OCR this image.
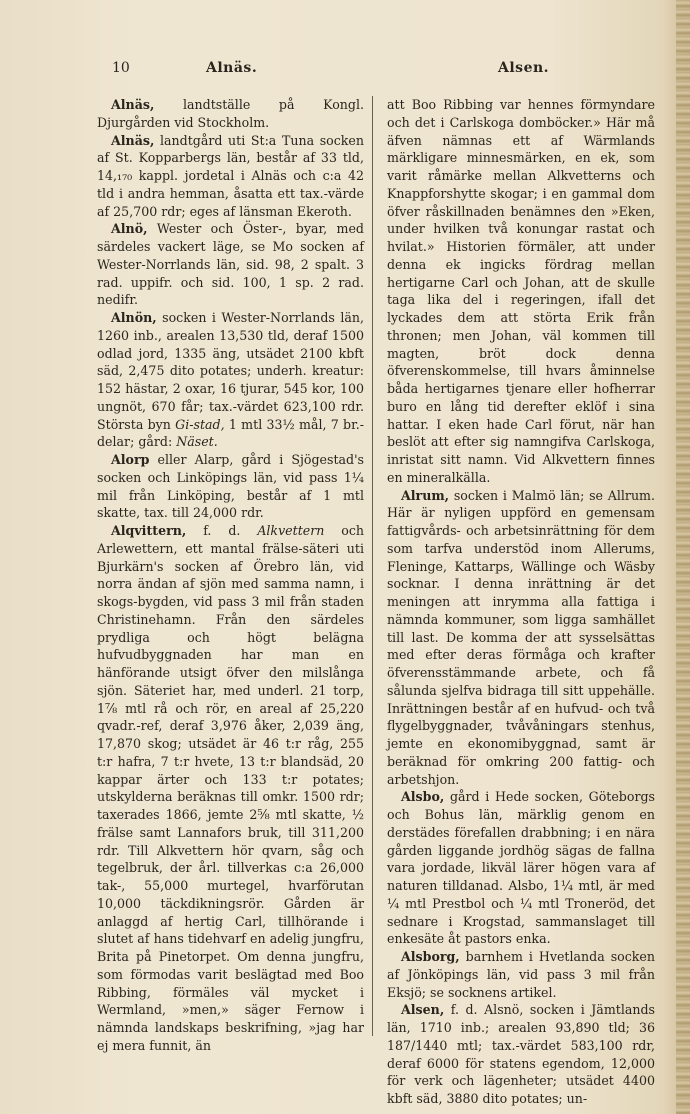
10	Alnäs.	Alsen.

Alnäs, landtställe på Kongl. Djurgården vid Stockholm.

Alnäs, landtgård uti St:a Tuna socken af St. Kopparbergs län, består af 33 tld, 14,₁₇₀ kappl. jordetal i Alnäs och c:a 42 tld i andra hemman, åsatta ett tax.-värde af 25,700 rdr; eges af länsman Ekeroth.

Alnö, Wester och Öster-, byar, med särdeles vackert läge, se Mo socken af Wester-Norrlands län, sid. 98, 2 spalt. 3 rad. uppifr. och sid. 100, 1 sp. 2 rad. nedifr.

Alnön, socken i Wester-Norrlands län, 1260 inb., arealen 13,530 tld, deraf 1500 odlad jord, 1335 äng, utsädet 2100 kbft säd, 2,475 dito potates; underh. kreatur: 152 hästar, 2 oxar, 16 tjurar, 545 kor, 100 ungnöt, 670 får; tax.-värdet 623,100 rdr. Största byn Gi-stad, 1 mtl 33½ mål, 7 br.-delar; gård: Näset.

Alorp eller Alarp, gård i Sjögestad's socken och Linköpings län, vid pass 1¼ mil från Linköping, består af 1 mtl skatte, tax. till 24,000 rdr.

Alqvittern, f. d. Alkvettern och Arlewettern, ett mantal frälse-säteri uti Bjurkärn's socken af Örebro län, vid norra ändan af sjön med samma namn, i skogs-bygden, vid pass 3 mil från staden Christinehamn. Från den särdeles prydliga och högt belägna hufvudbyggnaden har man en hänförande utsigt öfver den milslånga sjön. Säteriet har, med underl. 21 torp, 1⅞ mtl rå och rör, en areal af 25,220 qvadr.-ref, deraf 3,976 åker, 2,039 äng, 17,870 skog; utsädet är 46 t:r råg, 255 t:r hafra, 7 t:r hvete, 13 t:r blandsäd, 20 kappar ärter och 133 t:r potates; utskylderna beräknas till omkr. 1500 rdr; taxerades 1866, jemte 2⅝ mtl skatte, ½ frälse samt Lannafors bruk, till 311,200 rdr. Till Alkvettern hör qvarn, såg och tegelbruk, der årl. tillverkas c:a 26,000 tak-, 55,000 murtegel, hvarförutan 10,000 täckdikningsrör. Gården är anlaggd af hertig Carl, tillhörande i slutet af hans tidehvarf en adelig jungfru, Brita på Pinetorpet. Om denna jungfru, som förmodas varit beslägtad med Boo Ribbing, förmäles väl mycket i Wermland, »men,» säger Fernow i nämnda landskaps beskrifning, »jag har ej mera funnit, än

att Boo Ribbing var hennes förmyndare och det i Carlskoga domböcker.» Här må äfven nämnas ett af Wärmlands märkligare minnesmärken, en ek, som varit råmärke mellan Alkvetterns och Knappforshytte skogar; i en gammal dom öfver råskillnaden benämnes den »Eken, under hvilken två konungar rastat och hvilat.» Historien förmäler, att under denna ek ingicks fördrag mellan hertigarne Carl och Johan, att de skulle taga lika del i regeringen, ifall det lyckades dem att störta Erik från thronen; men Johan, väl kommen till magten, bröt dock denna öfverenskommelse, till hvars åminnelse båda hertigarnes tjenare eller hofherrar buro en lång tid derefter eklöf i sina hattar. I eken hade Carl förut, när han beslöt att efter sig namngifva Carlskoga, inristat sitt namn. Vid Alkvettern finnes en mineralkälla.

Alrum, socken i Malmö län; se Allrum. Här är nyligen uppförd en gemensam fattigvårds- och arbetsinrättning för dem som tarfva understöd inom Allerums, Fleninge, Kattarps, Wällinge och Wäsby socknar. I denna inrättning är det meningen att inrymma alla fattiga i nämnda kommuner, som ligga samhället till last. De komma der att sysselsättas med efter deras förmåga och krafter öfverensstämmande arbete, och få sålunda sjelfva bidraga till sitt uppehälle. Inrättningen består af en hufvud- och två flygelbyggnader, tvåvåningars stenhus, jemte en ekonomibyggnad, samt är beräknad för omkring 200 fattig- och arbetshjon.

Alsbo, gård i Hede socken, Göteborgs och Bohus län, märklig genom en derstädes förefallen drabbning; i en nära gården liggande jordhög sägas de fallna vara jordade, likväl lärer högen vara af naturen tilldanad. Alsbo, 1¼ mtl, är med ¼ mtl Prestbol och ¼ mtl Troneröd, det sednare i Krogstad, sammanslaget till enkesäte åt pastors enka.

Alsborg, barnhem i Hvetlanda socken af Jönköpings län, vid pass 3 mil från Eksjö; se socknens artikel.

Alsen, f. d. Alsnö, socken i Jämtlands län, 1710 inb.; arealen 93,890 tld; 36 187/1440 mtl; tax.-värdet 583,100 rdr, deraf 6000 för statens egendom, 12,000 för verk och lägenheter; utsädet 4400 kbft säd, 3880 dito potates; un-
